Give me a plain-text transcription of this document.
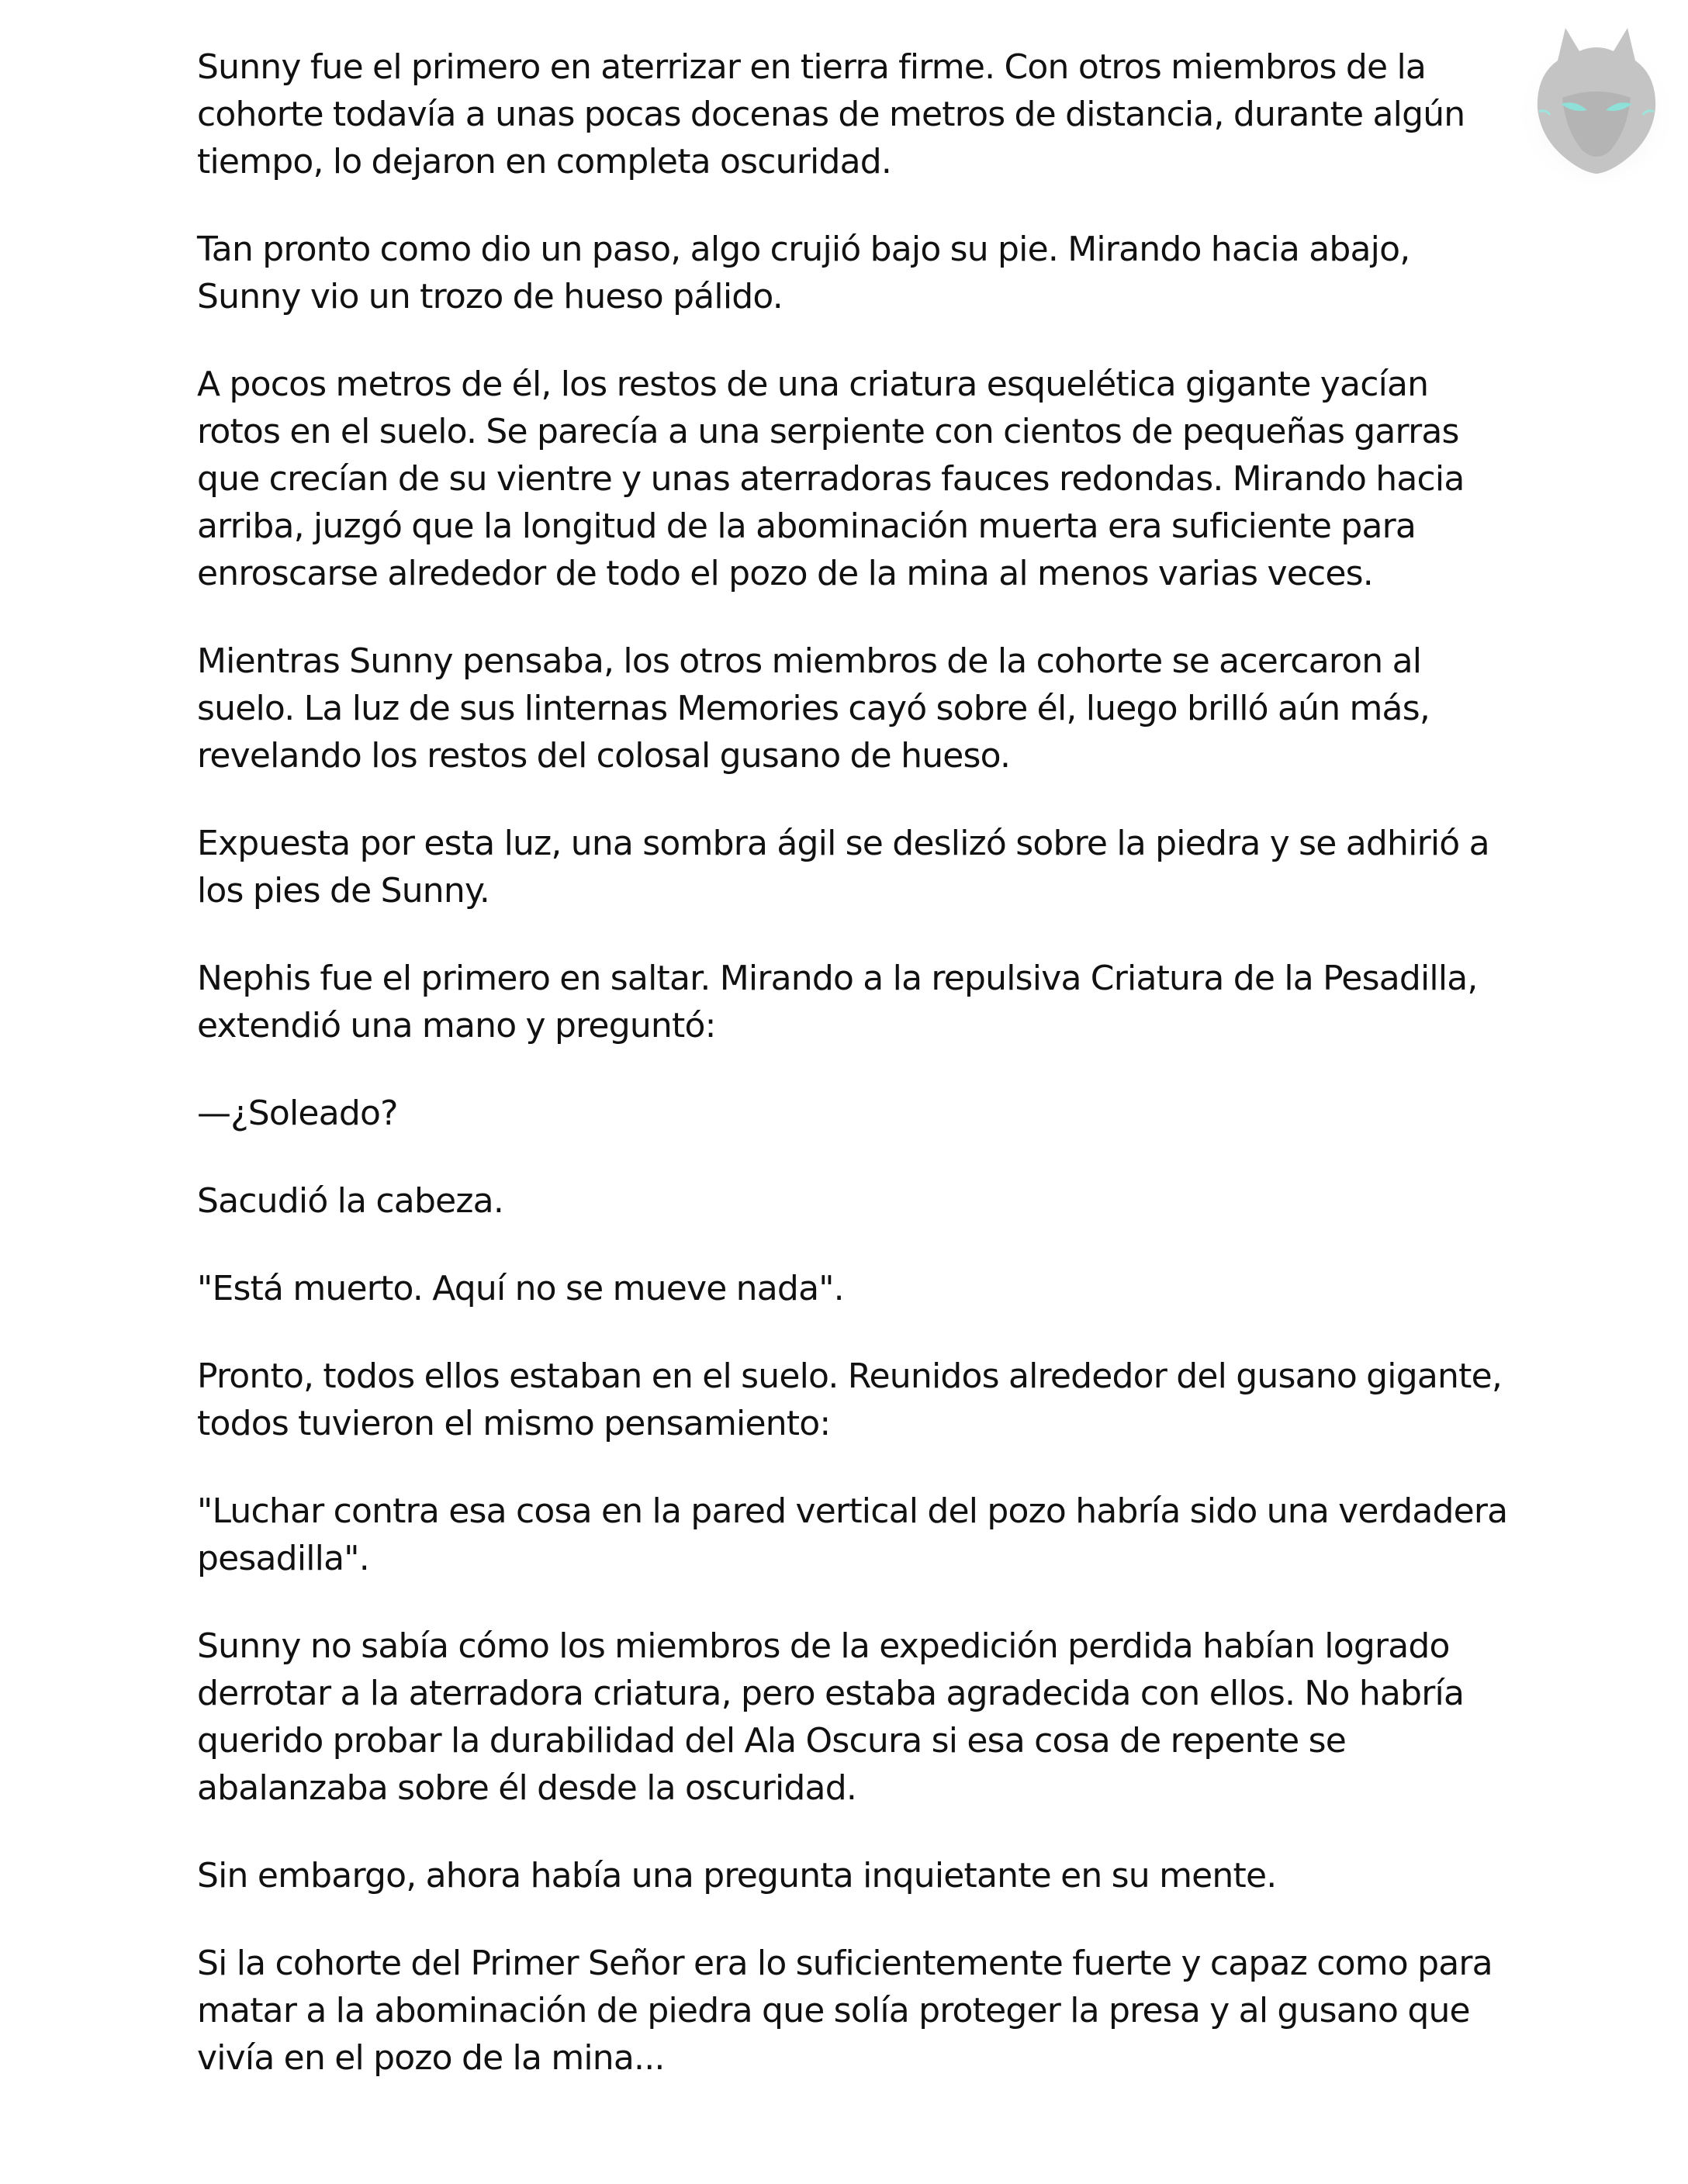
Sunny fue el primero en aterrizar en tierra firme. Con otros miembros de la cohorte todavía a unas pocas docenas de metros de distancia, durante algún tiempo, lo dejaron en completa oscuridad.

Tan pronto como dio un paso, algo crujió bajo su pie. Mirando hacia abajo, Sunny vio un trozo de hueso pálido.

A pocos metros de él, los restos de una criatura esquelética gigante yacían rotos en el suelo. Se parecía a una serpiente con cientos de pequeñas garras que crecían de su vientre y unas aterradoras fauces redondas. Mirando hacia arriba, juzgó que la longitud de la abominación muerta era suficiente para enroscarse alrededor de todo el pozo de la mina al menos varias veces.

Mientras Sunny pensaba, los otros miembros de la cohorte se acercaron al suelo. La luz de sus linternas Memories cayó sobre él, luego brilló aún más, revelando los restos del colosal gusano de hueso.

Expuesta por esta luz, una sombra ágil se deslizó sobre la piedra y se adhirió a los pies de Sunny.

Nephis fue el primero en saltar. Mirando a la repulsiva Criatura de la Pesadilla, extendió una mano y preguntó:

—¿Soleado?

Sacudió la cabeza.

"Está muerto. Aquí no se mueve nada".

Pronto, todos ellos estaban en el suelo. Reunidos alrededor del gusano gigante, todos tuvieron el mismo pensamiento:

"Luchar contra esa cosa en la pared vertical del pozo habría sido una verdadera pesadilla".

Sunny no sabía cómo los miembros de la expedición perdida habían logrado derrotar a la aterradora criatura, pero estaba agradecida con ellos. No habría querido probar la durabilidad del Ala Oscura si esa cosa de repente se abalanzaba sobre él desde la oscuridad.

Sin embargo, ahora había una pregunta inquietante en su mente.

Si la cohorte del Primer Señor era lo suficientemente fuerte y capaz como para matar a la abominación de piedra que solía proteger la presa y al gusano que vivía en el pozo de la mina...
